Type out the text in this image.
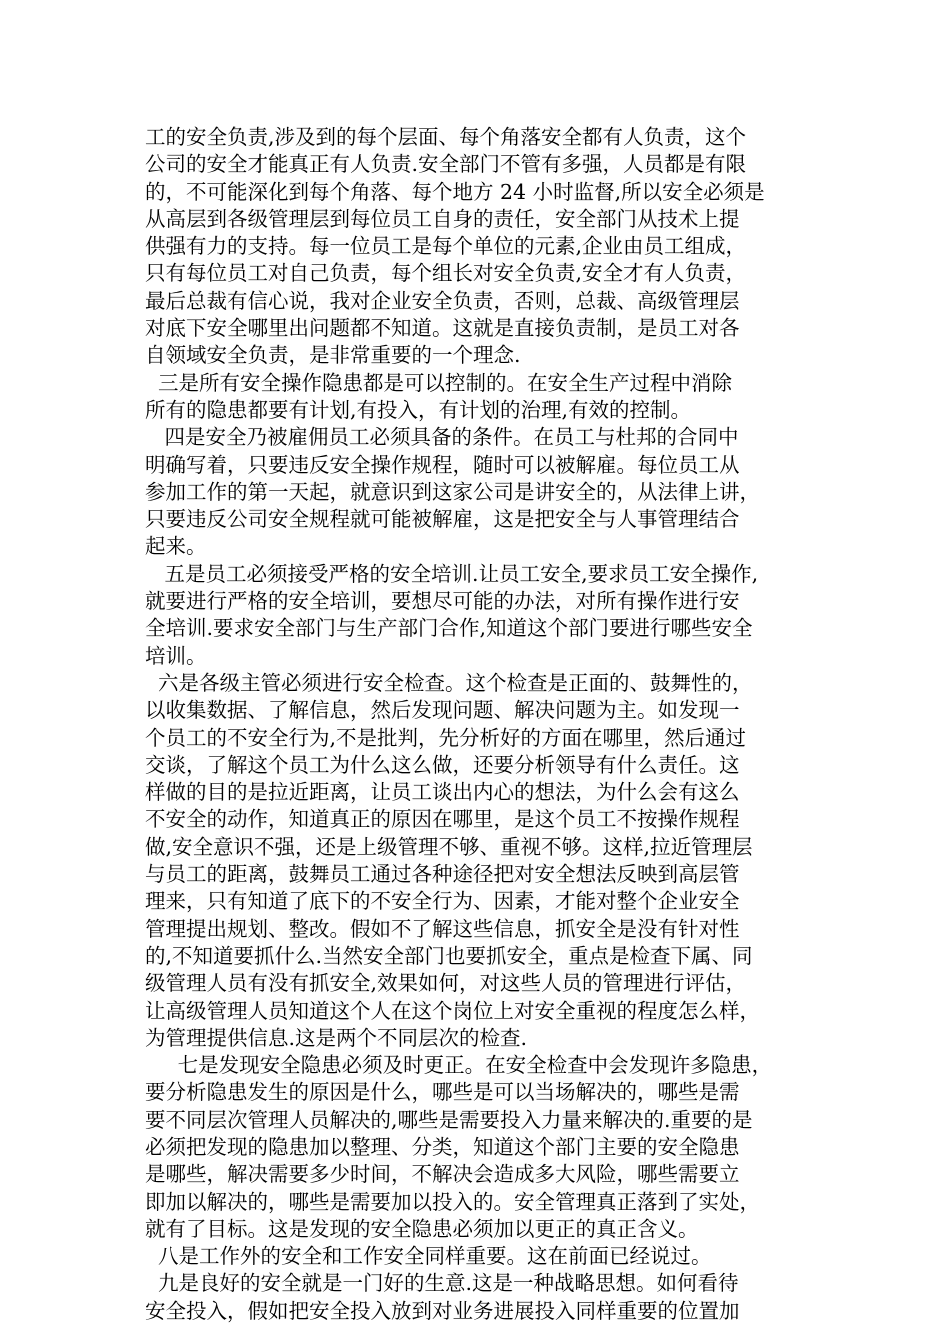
工的安全负责,涉及到的每个层面、每个角落安全都有人负责，这个
公司的安全才能真正有人负责.安全部门不管有多强，人员都是有限
的，不可能深化到每个角落、每个地方 24 小时监督,所以安全必须是
从高层到各级管理层到每位员工自身的责任，安全部门从技术上提
供强有力的支持。每一位员工是每个单位的元素,企业由员工组成，
只有每位员工对自己负责，每个组长对安全负责,安全才有人负责，
最后总裁有信心说，我对企业安全负责，否则，总裁、高级管理层
对底下安全哪里出问题都不知道。这就是直接负责制，是员工对各
自领域安全负责，是非常重要的一个理念.
三是所有安全操作隐患都是可以控制的。在安全生产过程中消除
所有的隐患都要有计划,有投入，有计划的治理,有效的控制。
四是安全乃被雇佣员工必须具备的条件。在员工与杜邦的合同中
明确写着，只要违反安全操作规程，随时可以被解雇。每位员工从
参加工作的第一天起，就意识到这家公司是讲安全的，从法律上讲，
只要违反公司安全规程就可能被解雇，这是把安全与人事管理结合
起来。
五是员工必须接受严格的安全培训.让员工安全,要求员工安全操作,
就要进行严格的安全培训，要想尽可能的办法，对所有操作进行安
全培训.要求安全部门与生产部门合作,知道这个部门要进行哪些安全
培训。
六是各级主管必须进行安全检查。这个检查是正面的、鼓舞性的，
以收集数据、了解信息，然后发现问题、解决问题为主。如发现一
个员工的不安全行为,不是批判，先分析好的方面在哪里，然后通过
交谈，了解这个员工为什么这么做，还要分析领导有什么责任。这
样做的目的是拉近距离，让员工谈出内心的想法，为什么会有这么
不安全的动作，知道真正的原因在哪里，是这个员工不按操作规程
做,安全意识不强，还是上级管理不够、重视不够。这样,拉近管理层
与员工的距离，鼓舞员工通过各种途径把对安全想法反映到高层管
理来，只有知道了底下的不安全行为、因素，才能对整个企业安全
管理提出规划、整改。假如不了解这些信息，抓安全是没有针对性
的,不知道要抓什么.当然安全部门也要抓安全，重点是检查下属、同
级管理人员有没有抓安全,效果如何，对这些人员的管理进行评估，
让高级管理人员知道这个人在这个岗位上对安全重视的程度怎么样，
为管理提供信息.这是两个不同层次的检查.
七是发现安全隐患必须及时更正。在安全检查中会发现许多隐患，
要分析隐患发生的原因是什么，哪些是可以当场解决的，哪些是需
要不同层次管理人员解决的,哪些是需要投入力量来解决的.重要的是
必须把发现的隐患加以整理、分类，知道这个部门主要的安全隐患
是哪些，解决需要多少时间，不解决会造成多大风险，哪些需要立
即加以解决的，哪些是需要加以投入的。安全管理真正落到了实处，
就有了目标。这是发现的安全隐患必须加以更正的真正含义。
八是工作外的安全和工作安全同样重要。这在前面已经说过。
九是良好的安全就是一门好的生意.这是一种战略思想。如何看待
安全投入，假如把安全投入放到对业务进展投入同样重要的位置加
